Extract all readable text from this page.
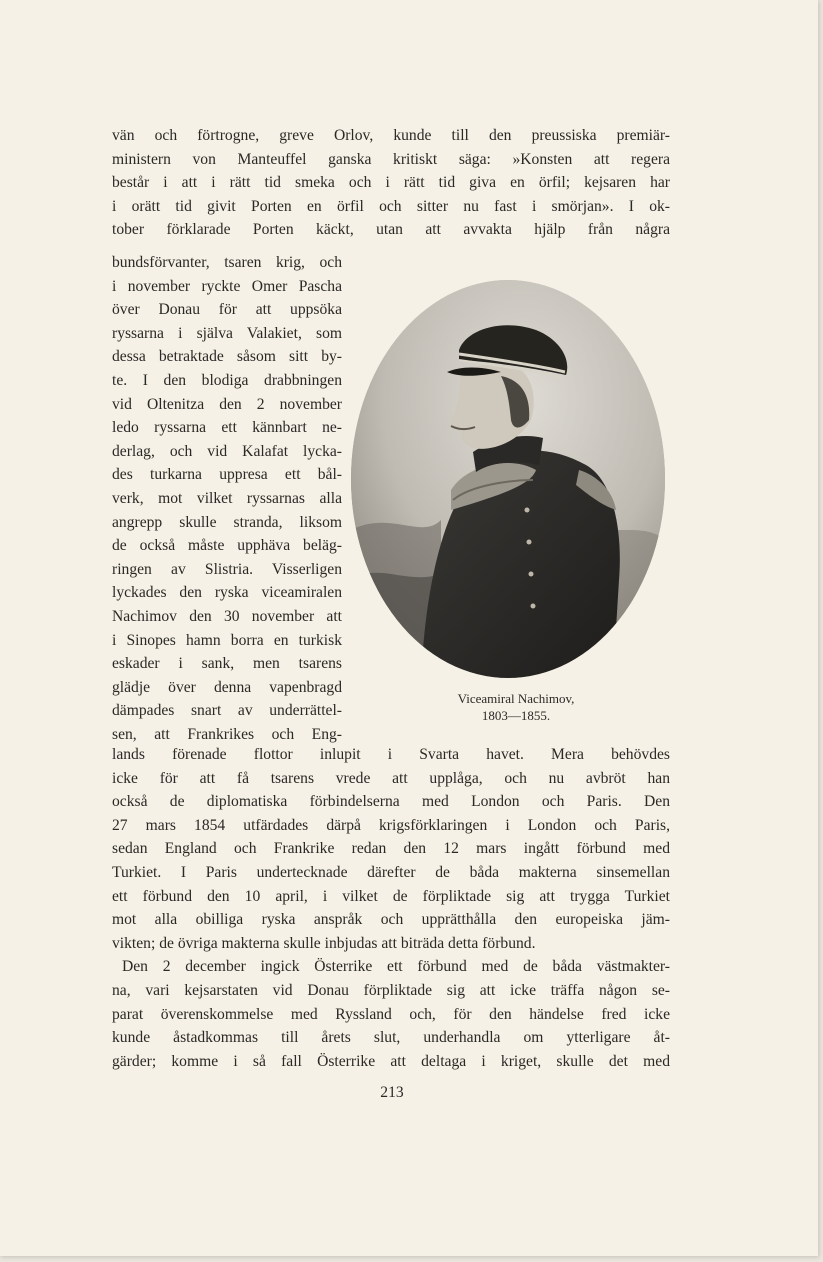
vän och förtrogne, greve Orlov, kunde till den preussiska premiär-
ministern von Manteuffel ganska kritiskt säga: »Konsten att regera
består i att i rätt tid smeka och i rätt tid giva en örfil; kejsaren har
i orätt tid givit Porten en örfil och sitter nu fast i smörjan». I ok-
tober förklarade Porten käckt, utan att avvakta hjälp från några
bundsförvanter, tsaren krig, och
i november ryckte Omer Pascha
över Donau för att uppsöka
ryssarna i själva Valakiet, som
dessa betraktade såsom sitt by-
te. I den blodiga drabbningen
vid Oltenitza den 2 november
ledo ryssarna ett kännbart ne-
derlag, och vid Kalafat lycka-
des turkarna uppresa ett bål-
verk, mot vilket ryssarnas alla
angrepp skulle stranda, liksom
de också måste upphäva beläg-
ringen av Slistria. Visserligen
lyckades den ryska viceamiralen
Nachimov den 30 november att
i Sinopes hamn borra en turkisk
eskader i sank, men tsarens
glädje över denna vapenbragd
dämpades snart av underrättel-
sen, att Frankrikes och Eng-
Viceamiral Nachimov,
1803—1855.
lands förenade flottor inlupit i Svarta havet. Mera behövdes
icke för att få tsarens vrede att upplåga, och nu avbröt han
också de diplomatiska förbindelserna med London och Paris. Den
27 mars 1854 utfärdades därpå krigsförklaringen i London och Paris,
sedan England och Frankrike redan den 12 mars ingått förbund med
Turkiet. I Paris undertecknade därefter de båda makterna sinsemellan
ett förbund den 10 april, i vilket de förpliktade sig att trygga Turkiet
mot alla obilliga ryska anspråk och upprätthålla den europeiska jäm-
vikten; de övriga makterna skulle inbjudas att biträda detta förbund.
Den 2 december ingick Österrike ett förbund med de båda västmakter-
na, vari kejsarstaten vid Donau förpliktade sig att icke träffa någon se-
parat överenskommelse med Ryssland och, för den händelse fred icke
kunde åstadkommas till årets slut, underhandla om ytterligare åt-
gärder; komme i så fall Österrike att deltaga i kriget, skulle det med
213
